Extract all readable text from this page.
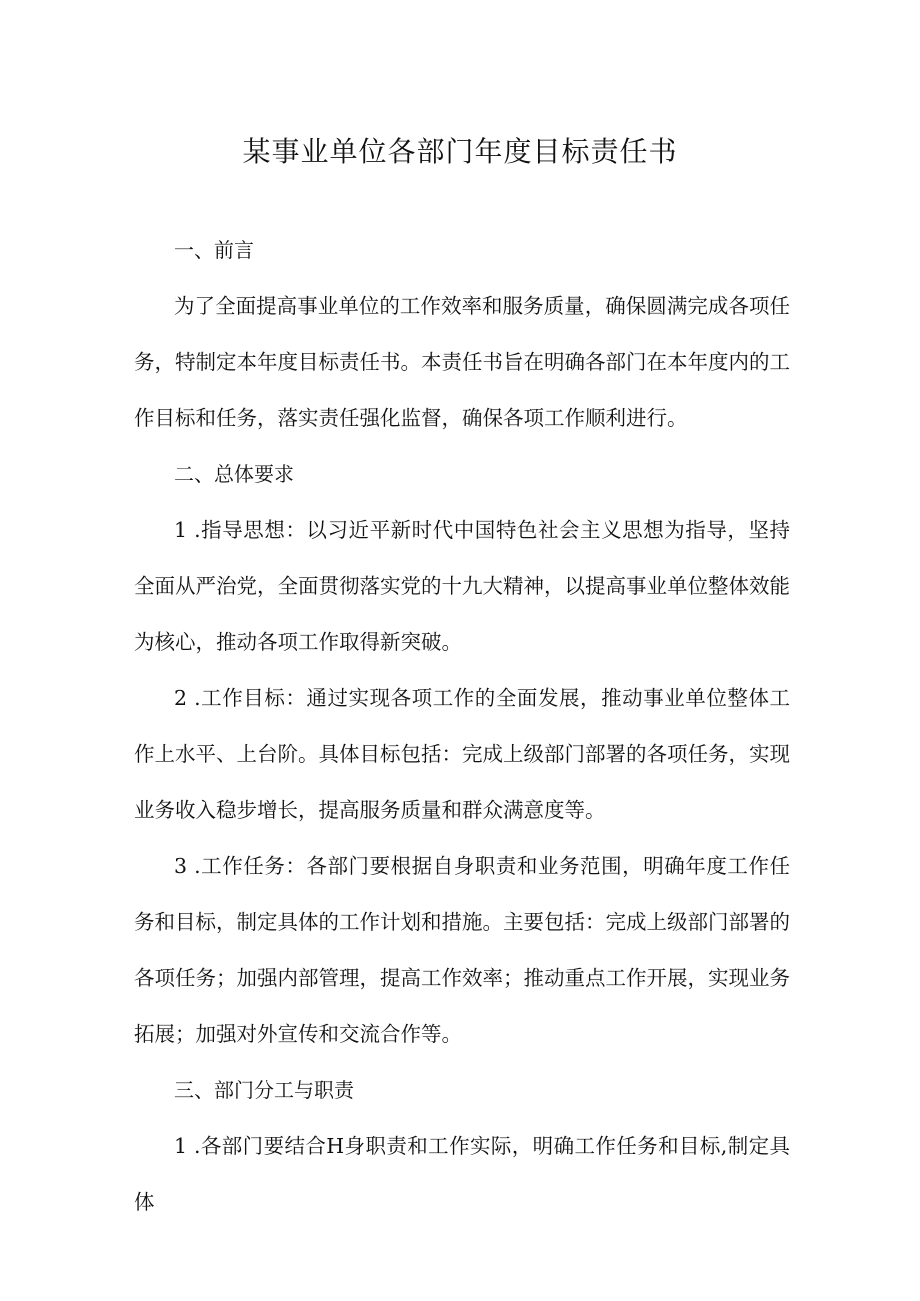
某事业单位各部门年度目标责任书

一、前言

为了全面提高事业单位的工作效率和服务质量，确保圆满完成各项任务，特制定本年度目标责任书。本责任书旨在明确各部门在本年度内的工作目标和任务，落实责任强化监督，确保各项工作顺利进行。

二、总体要求

1 .指导思想：以习近平新时代中国特色社会主义思想为指导，坚持全面从严治党，全面贯彻落实党的十九大精神，以提高事业单位整体效能为核心，推动各项工作取得新突破。

2 .工作目标：通过实现各项工作的全面发展，推动事业单位整体工作上水平、上台阶。具体目标包括：完成上级部门部署的各项任务，实现业务收入稳步增长，提高服务质量和群众满意度等。

3 .工作任务：各部门要根据自身职责和业务范围，明确年度工作任务和目标，制定具体的工作计划和措施。主要包括：完成上级部门部署的各项任务；加强内部管理，提高工作效率；推动重点工作开展，实现业务拓展；加强对外宣传和交流合作等。

三、部门分工与职责

1 .各部门要结合H身职责和工作实际，明确工作任务和目标,制定具体
